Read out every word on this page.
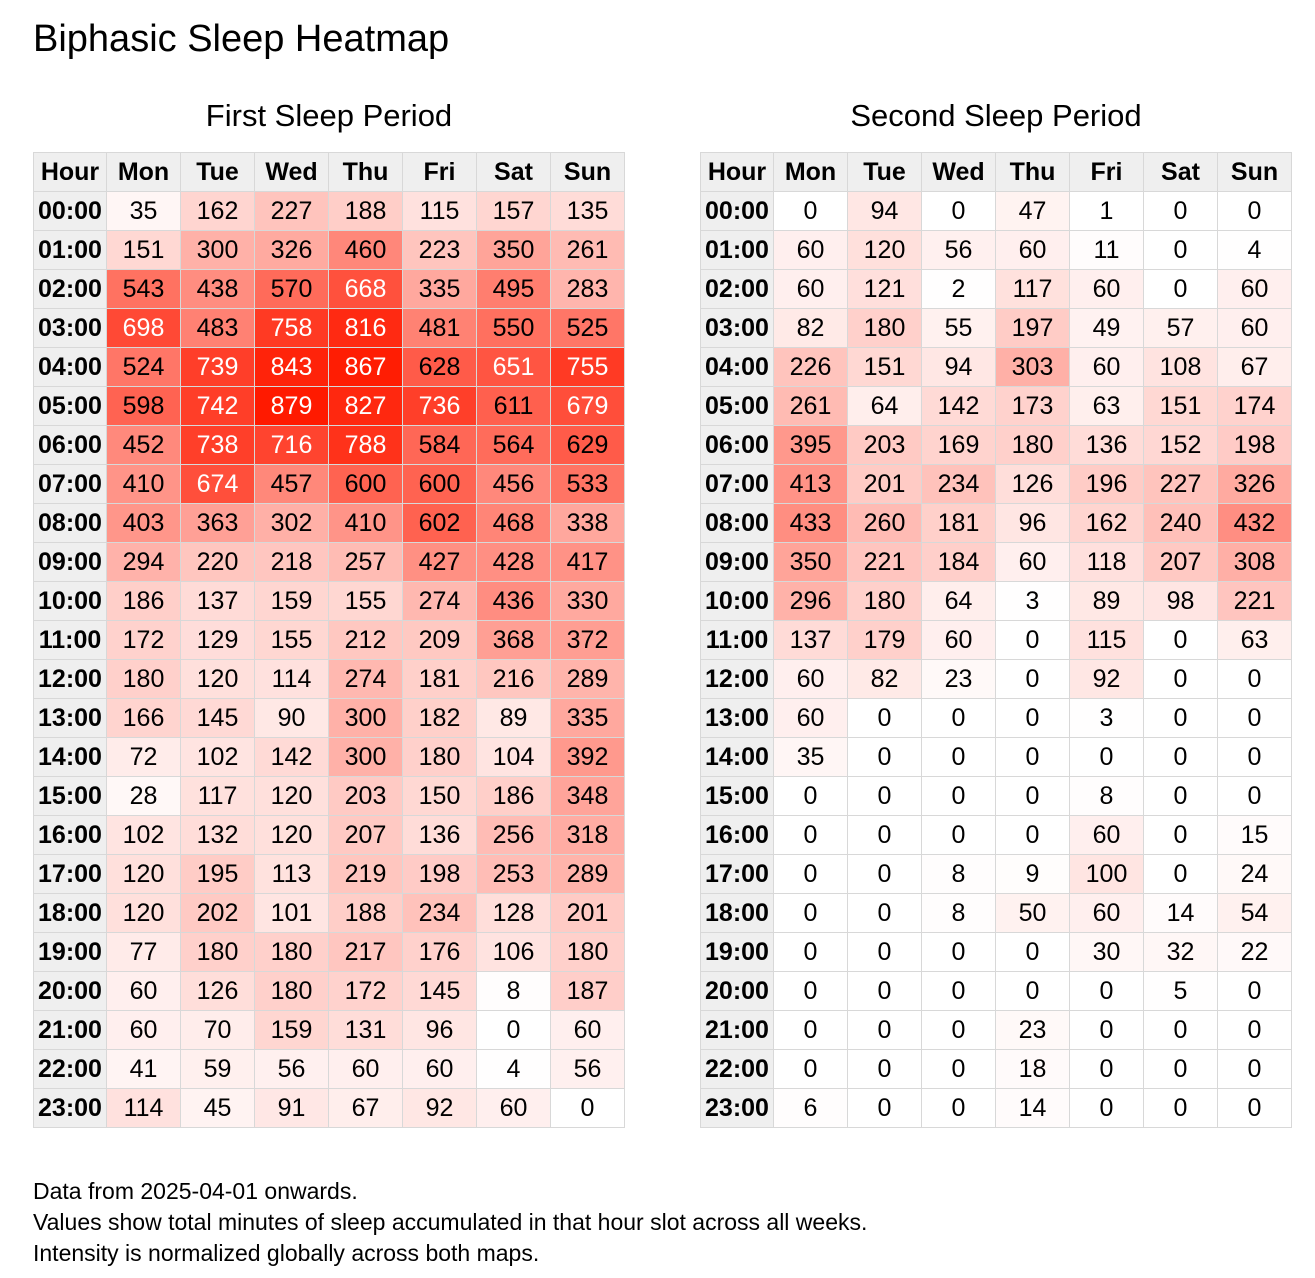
Biphasic Sleep Heatmap
First Sleep Period
Hour	Mon	Tue	Wed	Thu	Fri	Sat	Sun
00:00	35	162	227	188	115	157	135
01:00	151	300	326	460	223	350	261
02:00	543	438	570	668	335	495	283
03:00	698	483	758	816	481	550	525
04:00	524	739	843	867	628	651	755
05:00	598	742	879	827	736	611	679
06:00	452	738	716	788	584	564	629
07:00	410	674	457	600	600	456	533
08:00	403	363	302	410	602	468	338
09:00	294	220	218	257	427	428	417
10:00	186	137	159	155	274	436	330
11:00	172	129	155	212	209	368	372
12:00	180	120	114	274	181	216	289
13:00	166	145	90	300	182	89	335
14:00	72	102	142	300	180	104	392
15:00	28	117	120	203	150	186	348
16:00	102	132	120	207	136	256	318
17:00	120	195	113	219	198	253	289
18:00	120	202	101	188	234	128	201
19:00	77	180	180	217	176	106	180
20:00	60	126	180	172	145	8	187
21:00	60	70	159	131	96	0	60
22:00	41	59	56	60	60	4	56
23:00	114	45	91	67	92	60	0
Second Sleep Period
Hour	Mon	Tue	Wed	Thu	Fri	Sat	Sun
00:00	0	94	0	47	1	0	0
01:00	60	120	56	60	11	0	4
02:00	60	121	2	117	60	0	60
03:00	82	180	55	197	49	57	60
04:00	226	151	94	303	60	108	67
05:00	261	64	142	173	63	151	174
06:00	395	203	169	180	136	152	198
07:00	413	201	234	126	196	227	326
08:00	433	260	181	96	162	240	432
09:00	350	221	184	60	118	207	308
10:00	296	180	64	3	89	98	221
11:00	137	179	60	0	115	0	63
12:00	60	82	23	0	92	0	0
13:00	60	0	0	0	3	0	0
14:00	35	0	0	0	0	0	0
15:00	0	0	0	0	8	0	0
16:00	0	0	0	0	60	0	15
17:00	0	0	8	9	100	0	24
18:00	0	0	8	50	60	14	54
19:00	0	0	0	0	30	32	22
20:00	0	0	0	0	0	5	0
21:00	0	0	0	23	0	0	0
22:00	0	0	0	18	0	0	0
23:00	6	0	0	14	0	0	0
Data from 2025-04-01 onwards.
Values show total minutes of sleep accumulated in that hour slot across all weeks.
Intensity is normalized globally across both maps.
